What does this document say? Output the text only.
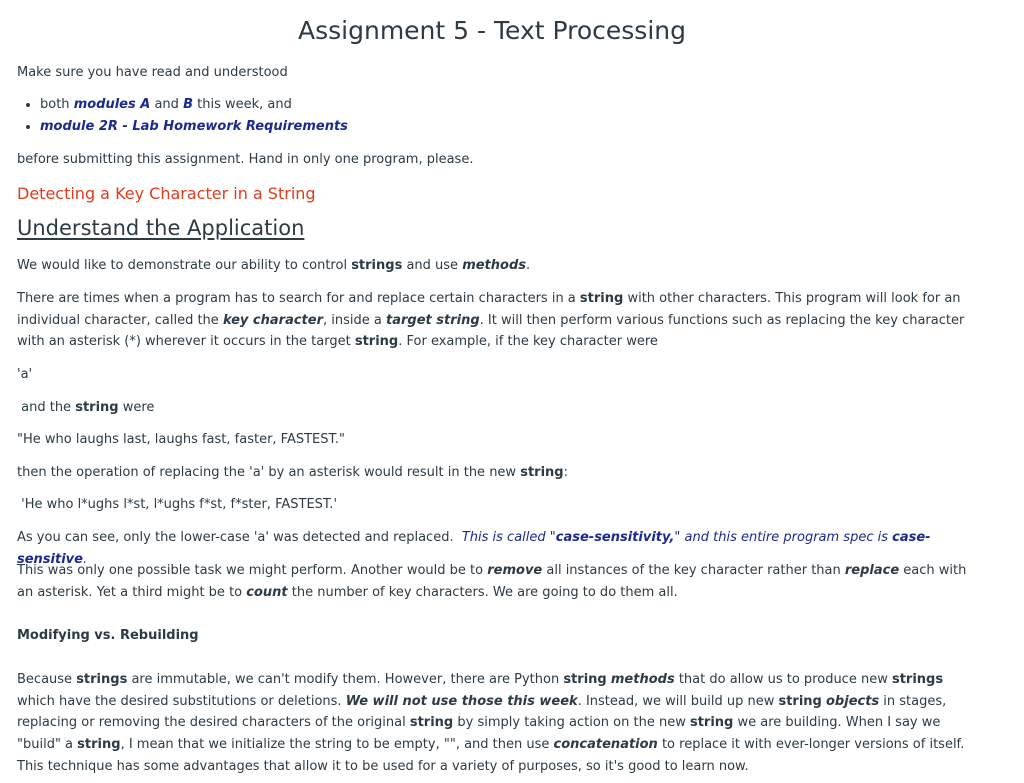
Assignment 5 - Text Processing

Make sure you have read and understood

• both modules A and B this week, and
• module 2R - Lab Homework Requirements

before submitting this assignment. Hand in only one program, please.

Detecting a Key Character in a String
Understand the Application

We would like to demonstrate our ability to control strings and use methods.

There are times when a program has to search for and replace certain characters in a string with other characters. This program will look for an individual character, called the key character, inside a target string. It will then perform various functions such as replacing the key character with an asterisk (*) wherever it occurs in the target string. For example, if the key character were

'a'

and the string were

"He who laughs last, laughs fast, faster, FASTEST."

then the operation of replacing the 'a' by an asterisk would result in the new string:

'He who l*ughs l*st, l*ughs f*st, f*ster, FASTEST.'

As you can see, only the lower-case 'a' was detected and replaced.  This is called "case-sensitivity," and this entire program spec is case-sensitive.

This was only one possible task we might perform. Another would be to remove all instances of the key character rather than replace each with an asterisk. Yet a third might be to count the number of key characters. We are going to do them all.

Modifying vs. Rebuilding

Because strings are immutable, we can't modify them. However, there are Python string methods that do allow us to produce new strings which have the desired substitutions or deletions. We will not use those this week. Instead, we will build up new string objects in stages, replacing or removing the desired characters of the original string by simply taking action on the new string we are building. When I say we "build" a string, I mean that we initialize the string to be empty, "", and then use concatenation to replace it with ever-longer versions of itself. This technique has some advantages that allow it to be used for a variety of purposes, so it's good to learn now.
